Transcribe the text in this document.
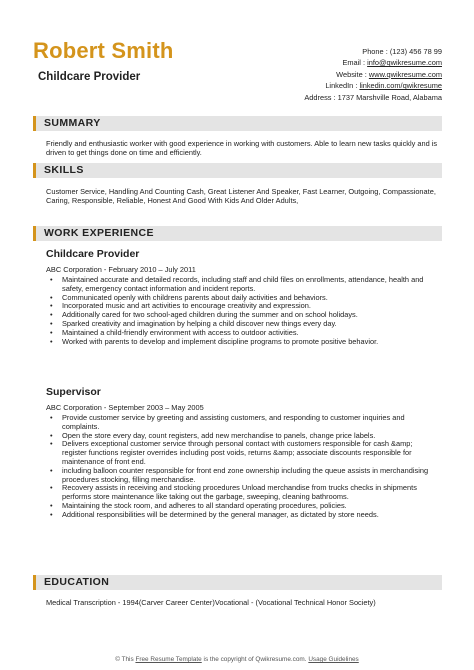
Robert Smith
Childcare Provider
Phone : (123) 456 78 99
Email : info@qwikresume.com
Website : www.qwikresume.com
LinkedIn : linkedin.com/qwikresume
Address : 1737 Marshville Road, Alabama
SUMMARY
Friendly and enthusiastic worker with good experience in working with customers. Able to learn new tasks quickly and is driven to get things done on time and efficiently.
SKILLS
Customer Service, Handling And Counting Cash, Great Listener And Speaker, Fast Learner, Outgoing, Compassionate, Caring, Responsible, Reliable, Honest And Good With Kids And Older Adults,
WORK EXPERIENCE
Childcare Provider
ABC Corporation - February 2010 – July 2011
• Maintained accurate and detailed records, including staff and child files on enrollments, attendance, health and safety, emergency contact information and incident reports.
• Communicated openly with childrens parents about daily activities and behaviors.
• Incorporated music and art activities to encourage creativity and expression.
• Additionally cared for two school-aged children during the summer and on school holidays.
• Sparked creativity and imagination by helping a child discover new things every day.
• Maintained a child-friendly environment with access to outdoor activities.
• Worked with parents to develop and implement discipline programs to promote positive behavior.
Supervisor
ABC Corporation - September 2003 – May 2005
• Provide customer service by greeting and assisting customers, and responding to customer inquiries and complaints.
• Open the store every day, count registers, add new merchandise to panels, change price labels.
• Delivers exceptional customer service through personal contact with customers responsible for cash &amp; register functions register overrides including post voids, returns &amp; associate discounts responsible for maintenance of front end.
• including balloon counter responsible for front end zone ownership including the queue assists in merchandising procedures stocking, filling merchandise.
• Recovery assists in receiving and stocking procedures Unload merchandise from trucks checks in shipments performs store maintenance like taking out the garbage, sweeping, cleaning bathrooms.
• Maintaining the stock room, and adheres to all standard operating procedures, policies.
• Additional responsibilities will be determined by the general manager, as dictated by store needs.
EDUCATION
Medical Transcription - 1994(Carver Career Center)Vocational - (Vocational Technical Honor Society)
© This Free Resume Template is the copyright of Qwikresume.com. Usage Guidelines
